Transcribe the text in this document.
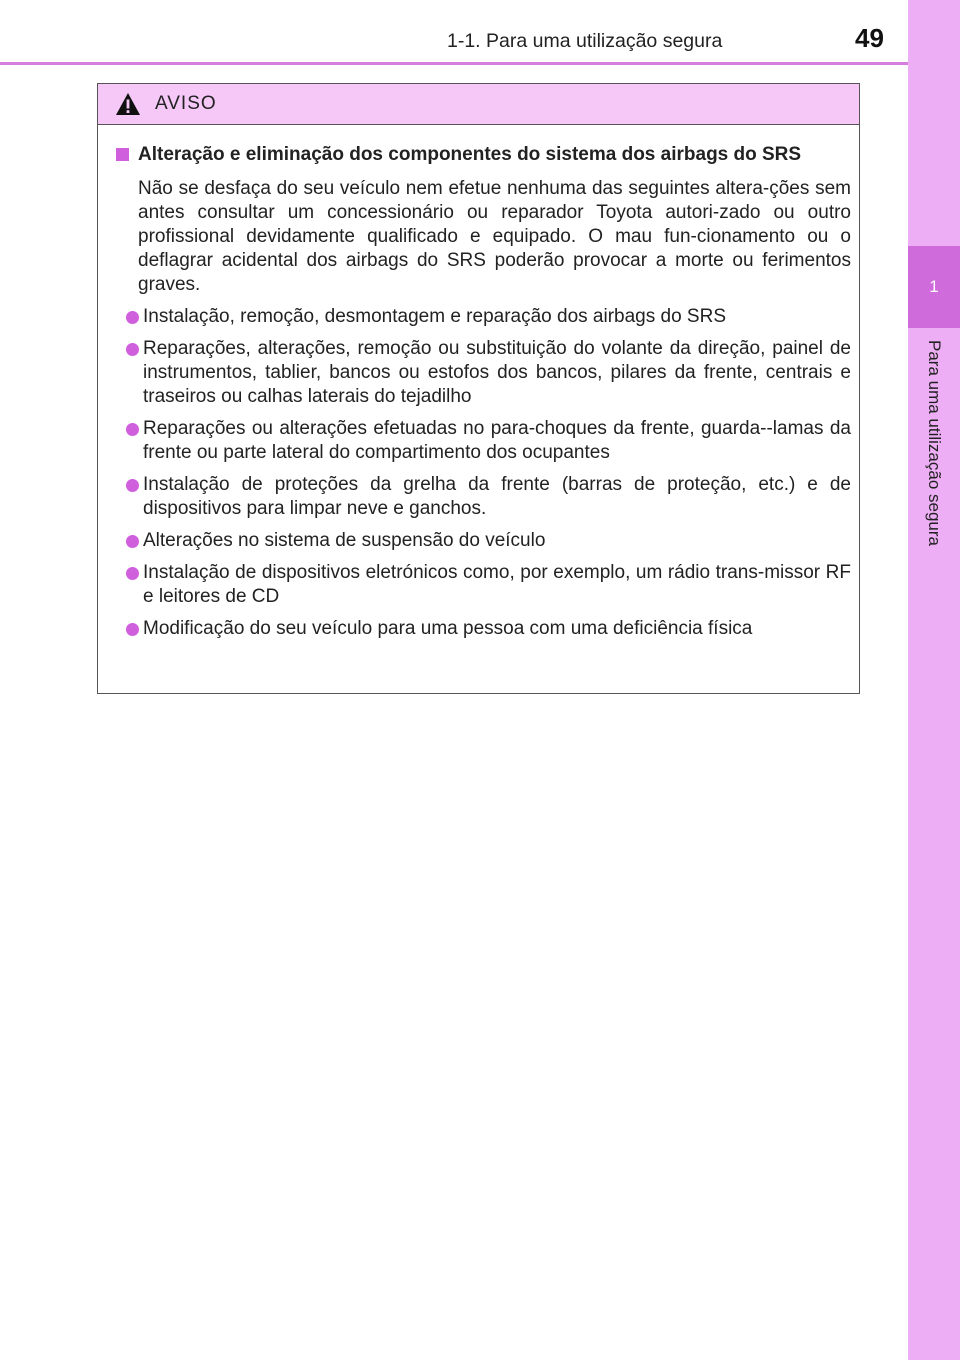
1
Para uma utilização segura
1-1. Para uma utilização segura	49
AVISO

Alteração e eliminação dos componentes do sistema dos airbags do SRS

Não se desfaça do seu veículo nem efetue nenhuma das seguintes altera-ções sem antes consultar um concessionário ou reparador Toyota autori-zado ou outro profissional devidamente qualificado e equipado. O mau fun-cionamento ou o deflagrar acidental dos airbags do SRS poderão provocar a morte ou ferimentos graves.

Instalação, remoção, desmontagem e reparação dos airbags do SRS
Reparações, alterações, remoção ou substituição do volante da direção, painel de instrumentos, tablier, bancos ou estofos dos bancos, pilares da frente, centrais e traseiros ou calhas laterais do tejadilho
Reparações ou alterações efetuadas no para-choques da frente, guarda--lamas da frente ou parte lateral do compartimento dos ocupantes
Instalação de proteções da grelha da frente (barras de proteção, etc.) e de dispositivos para limpar neve e ganchos.
Alterações no sistema de suspensão do veículo
Instalação de dispositivos eletrónicos como, por exemplo, um rádio trans-missor RF e leitores de CD
Modificação do seu veículo para uma pessoa com uma deficiência física
